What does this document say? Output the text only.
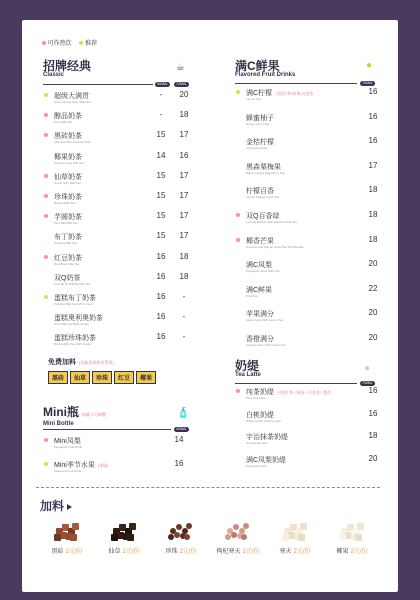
可作热饮 推荐
招牌经典
Classic
☕
500ML	700ML
超级大满贯
Super Grand Slam Milk Tea
-	20
醇品奶茶
Pure Milk Tea
-	18
黑砖奶茶
Milk Tea With Caramel Jelly
15	17
椰果奶茶
Coconut Jelly Milk Tea
14	16
仙草奶茶
Grass Jelly Milk Tea
15	17
珍珠奶茶
Bubble Milk Tea
15	17
芋圆奶茶
Taro Ball Milk Tea
15	17
布丁奶茶
Pudding Milk Tea
15	17
红豆奶茶
Red Bean Milk Tea
16	18
双Q奶茶
2 Kinds Of Bubble Milk Tea
16	18
蛋糕布丁奶茶
Pudding Milk Tea With Cream
16	-
蛋糕奥利奥奶茶
Oreo Milk Tea With Cream
16	-
蛋糕珍珠奶茶
Bubble Milk Tea With Cream
16	-
免费加料 (仅能选择奶茶系列)
黑砖	仙草	珍珠	红豆	椰果
Mini瓶 冰量不可调整
Mini Bottle
🧴
400ML
Mini凤梨
Pineapple Fruit Drink
14
Mini季节水果 (季候)
Seasonal Fruit Drink
16
满C鲜果
Flavored Fruit Drinks
●
700ML
满C柠檬 可选红茶/绿茶/乌龙茶
Lemon Tea
16
蜂蜜柚子
Honey Citron Tea
16
金桔柠檬
Kumquat Lemon
16
黑森栗梅果
Black Currant Raspberry Tea
17
柠檬百香
Lemon Passion Fruit Tea
18
双Q百香绿
2 Kinds Bubble With Passion Fruit Tea
18
椰香芒果
Coconut And Mango Smoothie With Bubble
18
满C凤梨
Pineapple Juice With Tea
20
满C鲜果
Fruit Tea
22
苹果满分
Apple Juice With Green Tea
20
香橙满分
Orange Juice With Green Tea
20
奶缇
Tea Latte
●
700ML
纯茶奶缇 可选红茶 / 绿茶 / 乌龙茶 / 普洱
Pure Tea Latte
16
白桃奶缇
White Peach Oolong Latte
16
宇治抹茶奶缇
Uji Matcha Latte
18
满C凤梨奶缇
Pineapple Latte
20
加料
黑砖 2元/份	仙草 2元/份	珍珠 2元/份	枸杞寒天 2元/份	寒天 2元/份	椰果 2元/份
